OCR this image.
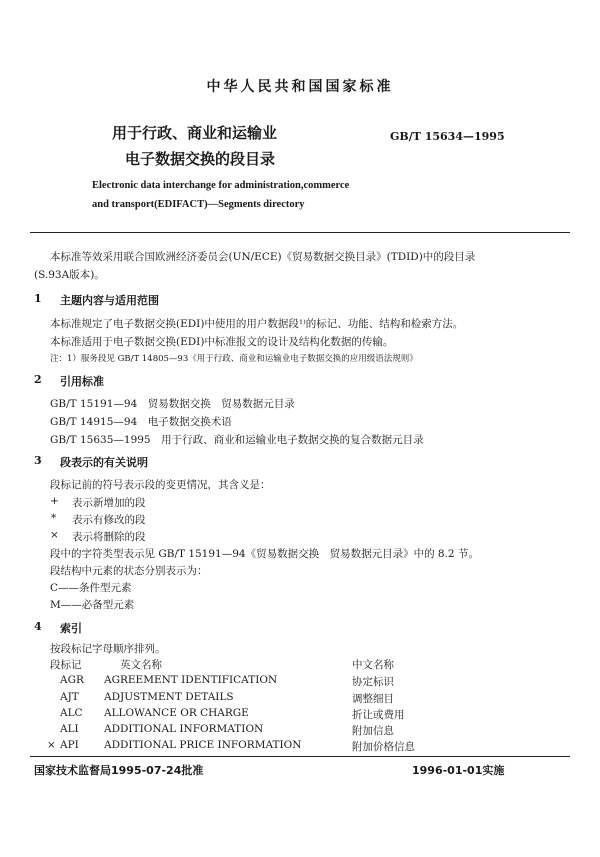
中华人民共和国国家标准
用于行政、商业和运输业
电子数据交换的段目录
GB/T 15634—1995
Electronic data interchange for administration,commerce
and transport(EDIFACT)—Segments directory
本标准等效采用联合国欧洲经济委员会(UN/ECE)《贸易数据交换目录》(TDID)中的段目录
(S.93A版本)。
1 主题内容与适用范围
本标准规定了电子数据交换(EDI)中使用的用户数据段¹⁾的标记、功能、结构和检索方法。
本标准适用于电子数据交换(EDI)中标准报文的设计及结构化数据的传输。
注：1）服务段见 GB/T 14805—93《用于行政、商业和运输业电子数据交换的应用级语法规则》
2 引用标准
GB/T 15191—94　贸易数据交换　贸易数据元目录
GB/T 14915—94　电子数据交换术语
GB/T 15635—1995　用于行政、商业和运输业电子数据交换的复合数据元目录
3 段表示的有关说明
段标记前的符号表示段的变更情况，其含义是：
+ 表示新增加的段
* 表示有修改的段
× 表示将删除的段
段中的字符类型表示见 GB/T 15191—94《贸易数据交换　贸易数据元目录》中的 8.2 节。
段结构中元素的状态分别表示为：
C——条件型元素
M——必备型元素
4 索引
按段标记字母顺序排列。
段标记	英文名称	中文名称
AGR AGREEMENT IDENTIFICATION	协定标识
AJT ADJUSTMENT DETAILS	调整细目
ALC ALLOWANCE OR CHARGE	折让或费用
ALI ADDITIONAL INFORMATION	附加信息
× API ADDITIONAL PRICE INFORMATION	附加价格信息
国家技术监督局1995-07-24批准	1996-01-01实施
